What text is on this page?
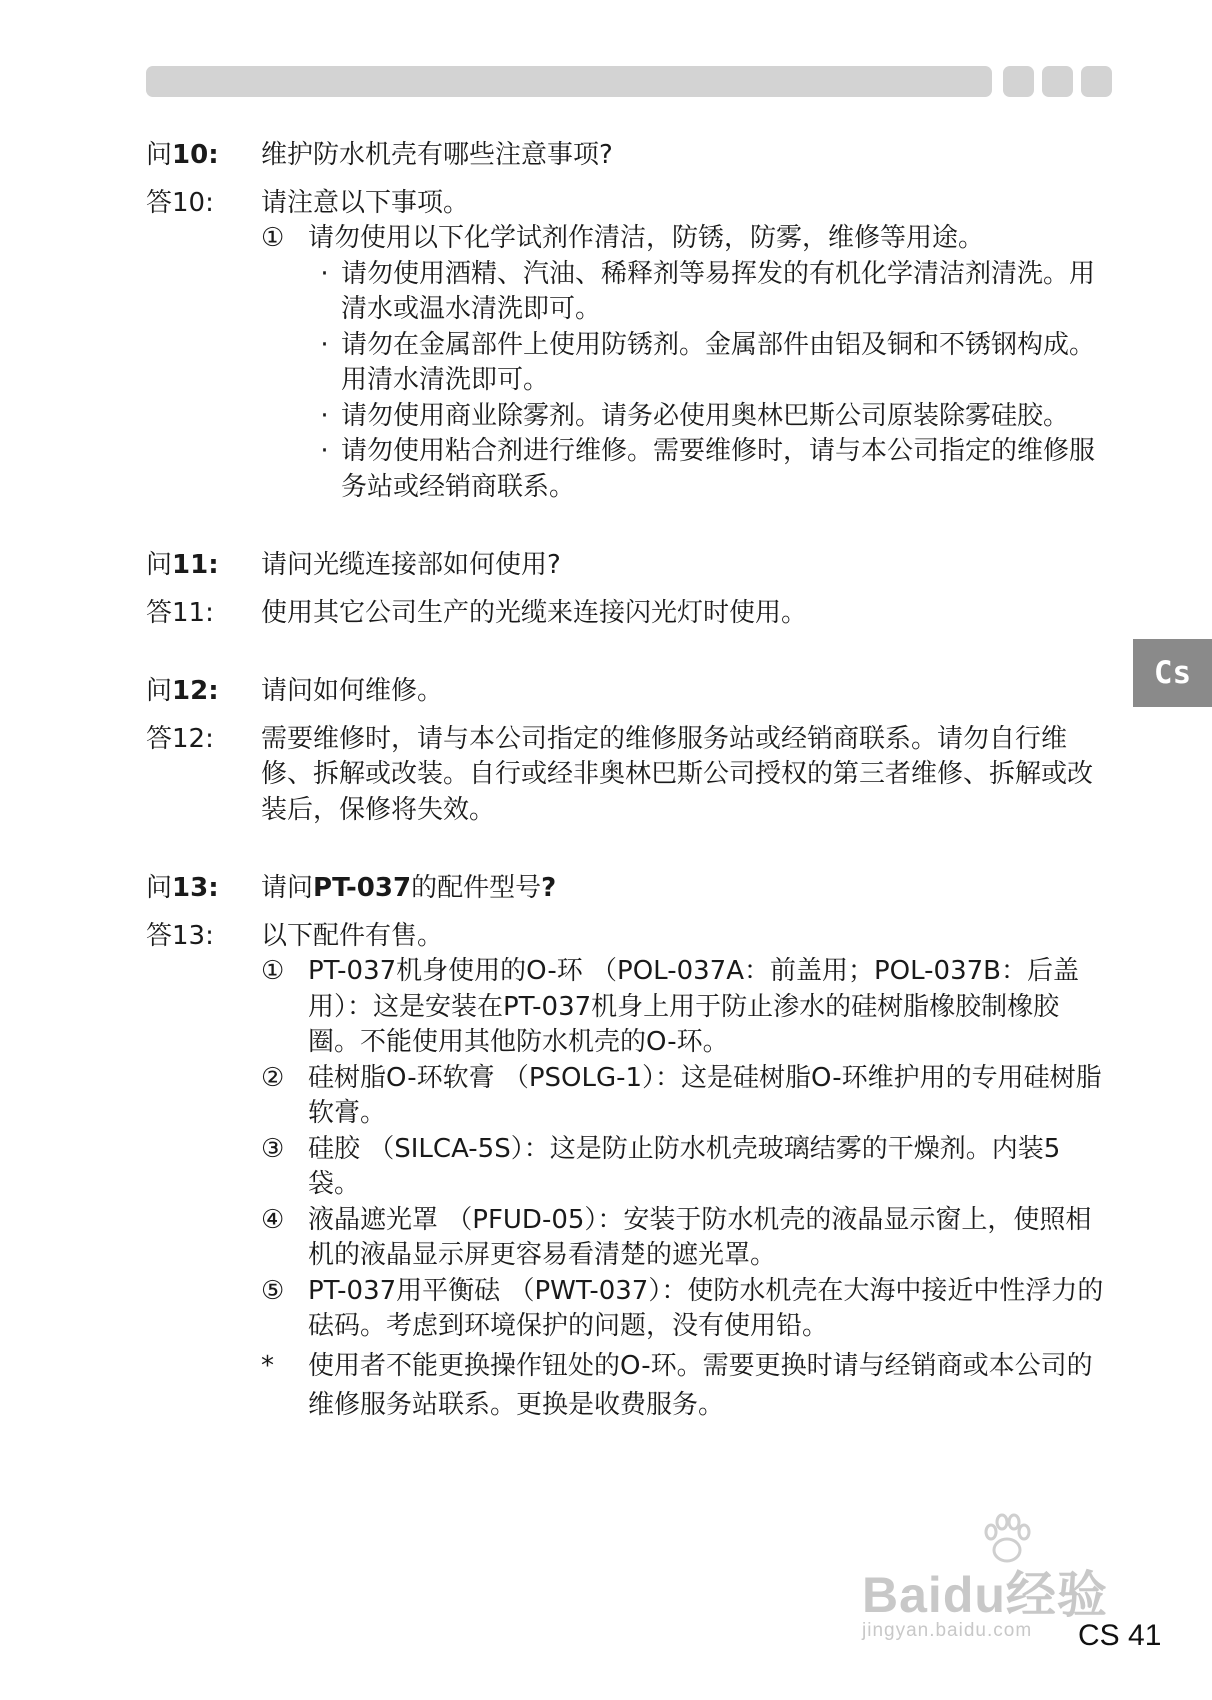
Cs
问10:	维护防水机壳有哪些注意事项?
答10:	请注意以下事项。
① 请勿使用以下化学试剂作清洁，防锈，防雾，维修等用途。
· 请勿使用酒精、汽油、稀释剂等易挥发的有机化学清洁剂清洗。用清水或温水清洗即可。
· 请勿在金属部件上使用防锈剂。金属部件由铝及铜和不锈钢构成。用清水清洗即可。
· 请勿使用商业除雾剂。请务必使用奥林巴斯公司原装除雾硅胶。
· 请勿使用粘合剂进行维修。需要维修时，请与本公司指定的维修服务站或经销商联系。
问11:	请问光缆连接部如何使用?
答11:	使用其它公司生产的光缆来连接闪光灯时使用。
问12:	请问如何维修。
答12:	需要维修时，请与本公司指定的维修服务站或经销商联系。请勿自行维修、拆解或改装。自行或经非奥林巴斯公司授权的第三者维修、拆解或改装后，保修将失效。
问13:	请问PT-037的配件型号?
答13:	以下配件有售。
① PT-037机身使用的O-环 （POL-037A：前盖用；POL-037B：后盖用）：这是安装在PT-037机身上用于防止渗水的硅树脂橡胶制橡胶圈。不能使用其他防水机壳的O-环。
② 硅树脂O-环软膏 （PSOLG-1）：这是硅树脂O-环维护用的专用硅树脂软膏。
③ 硅胶 （SILCA-5S）：这是防止防水机壳玻璃结雾的干燥剂。内装5袋。
④ 液晶遮光罩 （PFUD-05）：安装于防水机壳的液晶显示窗上，使照相机的液晶显示屏更容易看清楚的遮光罩。
⑤ PT-037用平衡砝 （PWT-037）：使防水机壳在大海中接近中性浮力的砝码。考虑到环境保护的问题，没有使用铅。
*	使用者不能更换操作钮处的O-环。需要更换时请与经销商或本公司的维修服务站联系。更换是收费服务。
Baidu经验
jingyan.baidu.com CS 41
